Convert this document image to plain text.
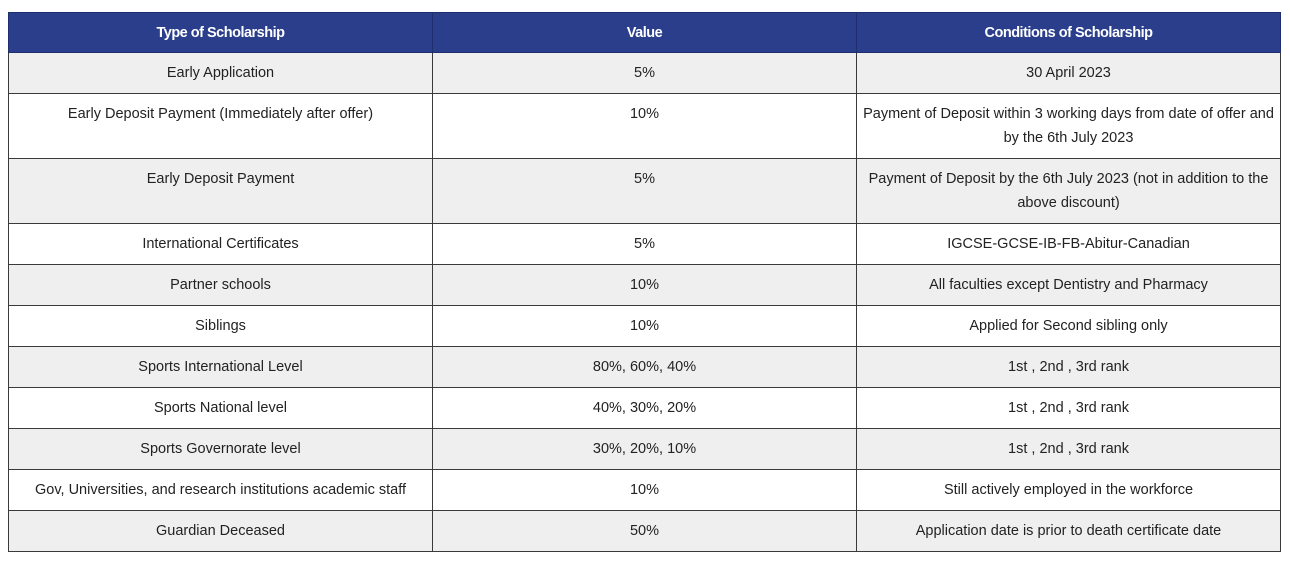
Type of Scholarship	Value	Conditions of Scholarship
Early Application	5%	30 April 2023
Early Deposit Payment (Immediately after offer)	10%	Payment of Deposit within 3 working days from date of offer and by the 6th July 2023
Early Deposit Payment	5%	Payment of Deposit by the 6th July 2023 (not in addition to the above discount)
International Certificates	5%	IGCSE-GCSE-IB-FB-Abitur-Canadian
Partner schools	10%	All faculties except Dentistry and Pharmacy
Siblings	10%	Applied for Second sibling only
Sports International Level	80%, 60%, 40%	1st , 2nd , 3rd rank
Sports National level	40%, 30%, 20%	1st , 2nd , 3rd rank
Sports Governorate level	30%, 20%, 10%	1st , 2nd , 3rd rank
Gov, Universities, and research institutions academic staff	10%	Still actively employed in the workforce
Guardian Deceased	50%	Application date is prior to death certificate date
